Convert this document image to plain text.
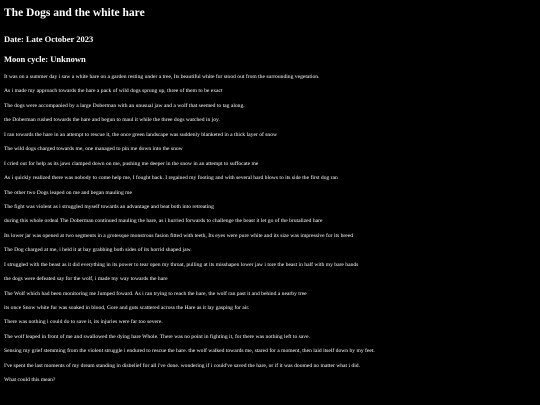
The Dogs and the white hare
Date: Late October 2023
Moon cycle: Unknown
It was on a summer day i saw a white hare on a garden resting under a tree, Its beautiful white fur stood out from the surrounding vegetation.
As i made my approach towards the hare a pack of wild dogs sprung up, three of them to be exact
The dogs were accompanied by a large Doberman with an unusual jaw and a wolf that seemed to tag along.
the Doberman rushed towards the hare and begun to maul it while the three dogs watched in joy.
I ran towards the hare in an attempt to rescue it, the once green landscape was suddenly blanketed in a thick layer of snow
The wild dogs charged towards me, one managed to pin me down into the snow
I cried out for help as its jaws clamped down on me, pushing me deeper in the snow in an attempt to suffocate me
As i quickly realized there was nobody to come help me, I fought back. I regained my footing and with several hard blows to its side the first dog ran
The other two Dogs leaped on me and began mauling me
The fight was violent as i struggled myself towards an advantage and beat both into retreating
during this whole ordeal The Doberman continued mauling the hare, as i hurried forwards to challenge the beast it let go of the brutalized hare
Its lower jar was opened at two segments in a grotesque monstrous fasion fitted with teeth, Its eyes were pure white and its size was impressive for its breed
The Dog charged at me, i held it at bay grabbing both sides of its horrid shaped jaw.
I struggled with the beast as it did everything in its power to tear open my throat, pulling at its misshapen lower jaw i tore the beast in half with my bare hands
the dogs were defeated say for the wolf, i made my way towards the hare
The Wolf which had been monitoring me Jumped foward. As i ran trying to reach the hare, the wolf ran past it and behind a nearby tree
its once Snow white fur was soaked in blood, Gore and guts scattered across the Hare as it lay gasping for air.
There was nothing i could do to save it, its injuries were far too severe.
The wolf leaped in front of me and swallowed the dying hare Whole. There was no point in fighting it, for there was nothing left to save.
Sensing my grief stemming from the violent struggle i endured to rescue the hare. the wolf walked towards me, stared for a moment, then laid itself down by my feet.
I've spent the last moments of my dream standing in disbelief for all i've done. wondering if i could've saved the hare, or if it was doomed no matter what i did.
What could this mean?
